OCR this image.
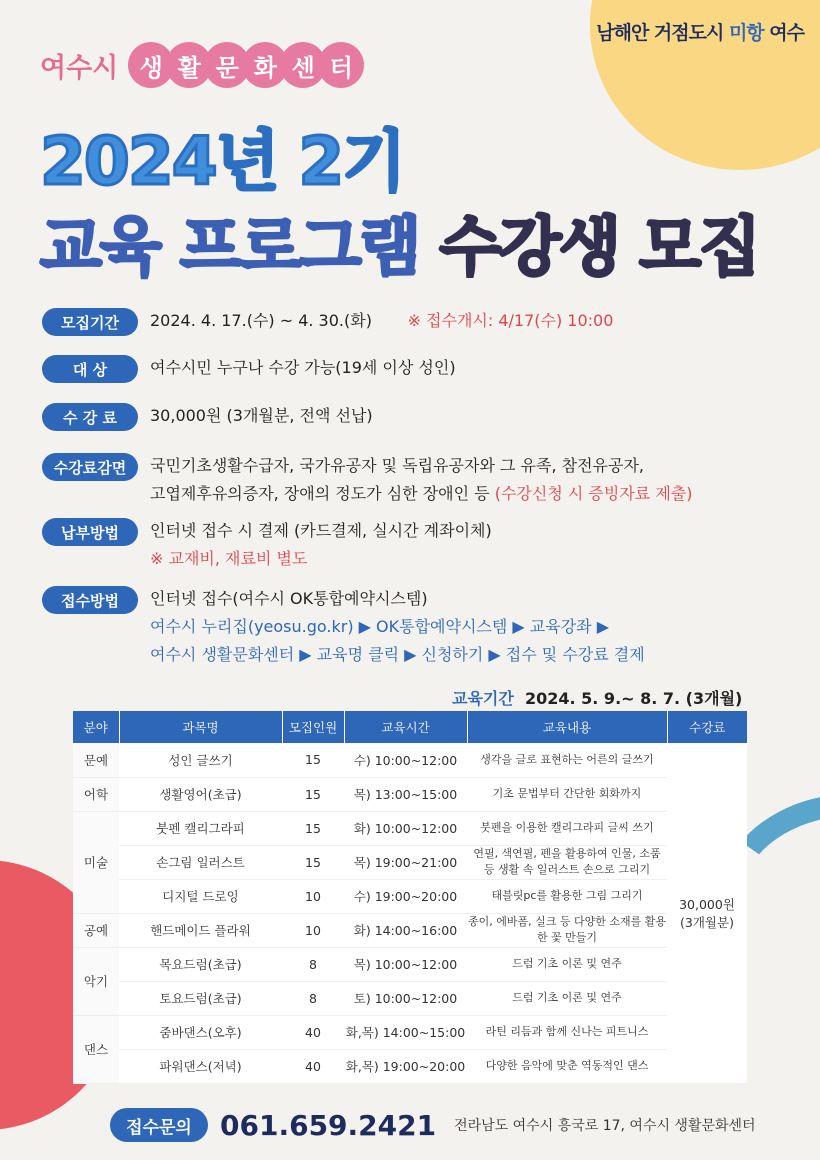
남해안 거점도시 미항 여수
여수시 생 활 문 화 센 터
2024년 2기
교육 프로그램 수강생 모집
모집기간	2024. 4. 17.(수) ~ 4. 30.(화) ※ 접수개시: 4/17(수) 10:00
대 상	여수시민 누구나 수강 가능(19세 이상 성인)
수 강 료	30,000원 (3개월분, 전액 선납)
수강료감면	국민기초생활수급자, 국가유공자 및 독립유공자와 그 유족, 참전유공자,
고엽제후유의증자, 장애의 정도가 심한 장애인 등 (수강신청 시 증빙자료 제출)
납부방법	인터넷 접수 시 결제 (카드결제, 실시간 계좌이체)
※ 교재비, 재료비 별도
접수방법	인터넷 접수(여수시 OK통합예약시스템)
여수시 누리집(yeosu.go.kr) ▶ OK통합예약시스템 ▶ 교육강좌 ▶
여수시 생활문화센터 ▶ 교육명 클릭 ▶ 신청하기 ▶ 접수 및 수강료 결제
교육기간 2024. 5. 9.~ 8. 7. (3개월)
분야	과목명	모집인원	교육시간	교육내용	수강료
문예	성인 글쓰기	15	수) 10:00~12:00	생각을 글로 표현하는 어른의 글쓰기	30,000원
(3개월분)

어학	생활영어(초급)	15	목) 13:00~15:00	기초 문법부터 간단한 회화까지	
미술	붓펜 캘리그라피	15	화) 10:00~12:00	붓펜을 이용한 캘리그라피 글씨 쓰기	
	손그림 일러스트	15	목) 19:00~21:00	연필, 색연필, 펜을 활용하여 인물, 소품 등 생활 속 일러스트 손으로 그리기	
	디지털 드로잉	10	수) 19:00~20:00	태블릿pc를 활용한 그림 그리기	
공예	핸드메이드 플라워	10	화) 14:00~16:00	종이, 에바폼, 실크 등 다양한 소재를 활용한 꽃 만들기	
악기	목요드럼(초급)	8	목) 10:00~12:00	드럼 기초 이론 및 연주	
	토요드럼(초급)	8	토) 10:00~12:00	드럼 기초 이론 및 연주	
댄스	줌바댄스(오후)	40	화,목) 14:00~15:00	라틴 리듬과 함께 신나는 피트니스	
	파워댄스(저녁)	40	화,목) 19:00~20:00	다양한 음악에 맞춘 역동적인 댄스	
접수문의	061.659.2421 전라남도 여수시 흥국로 17, 여수시 생활문화센터
